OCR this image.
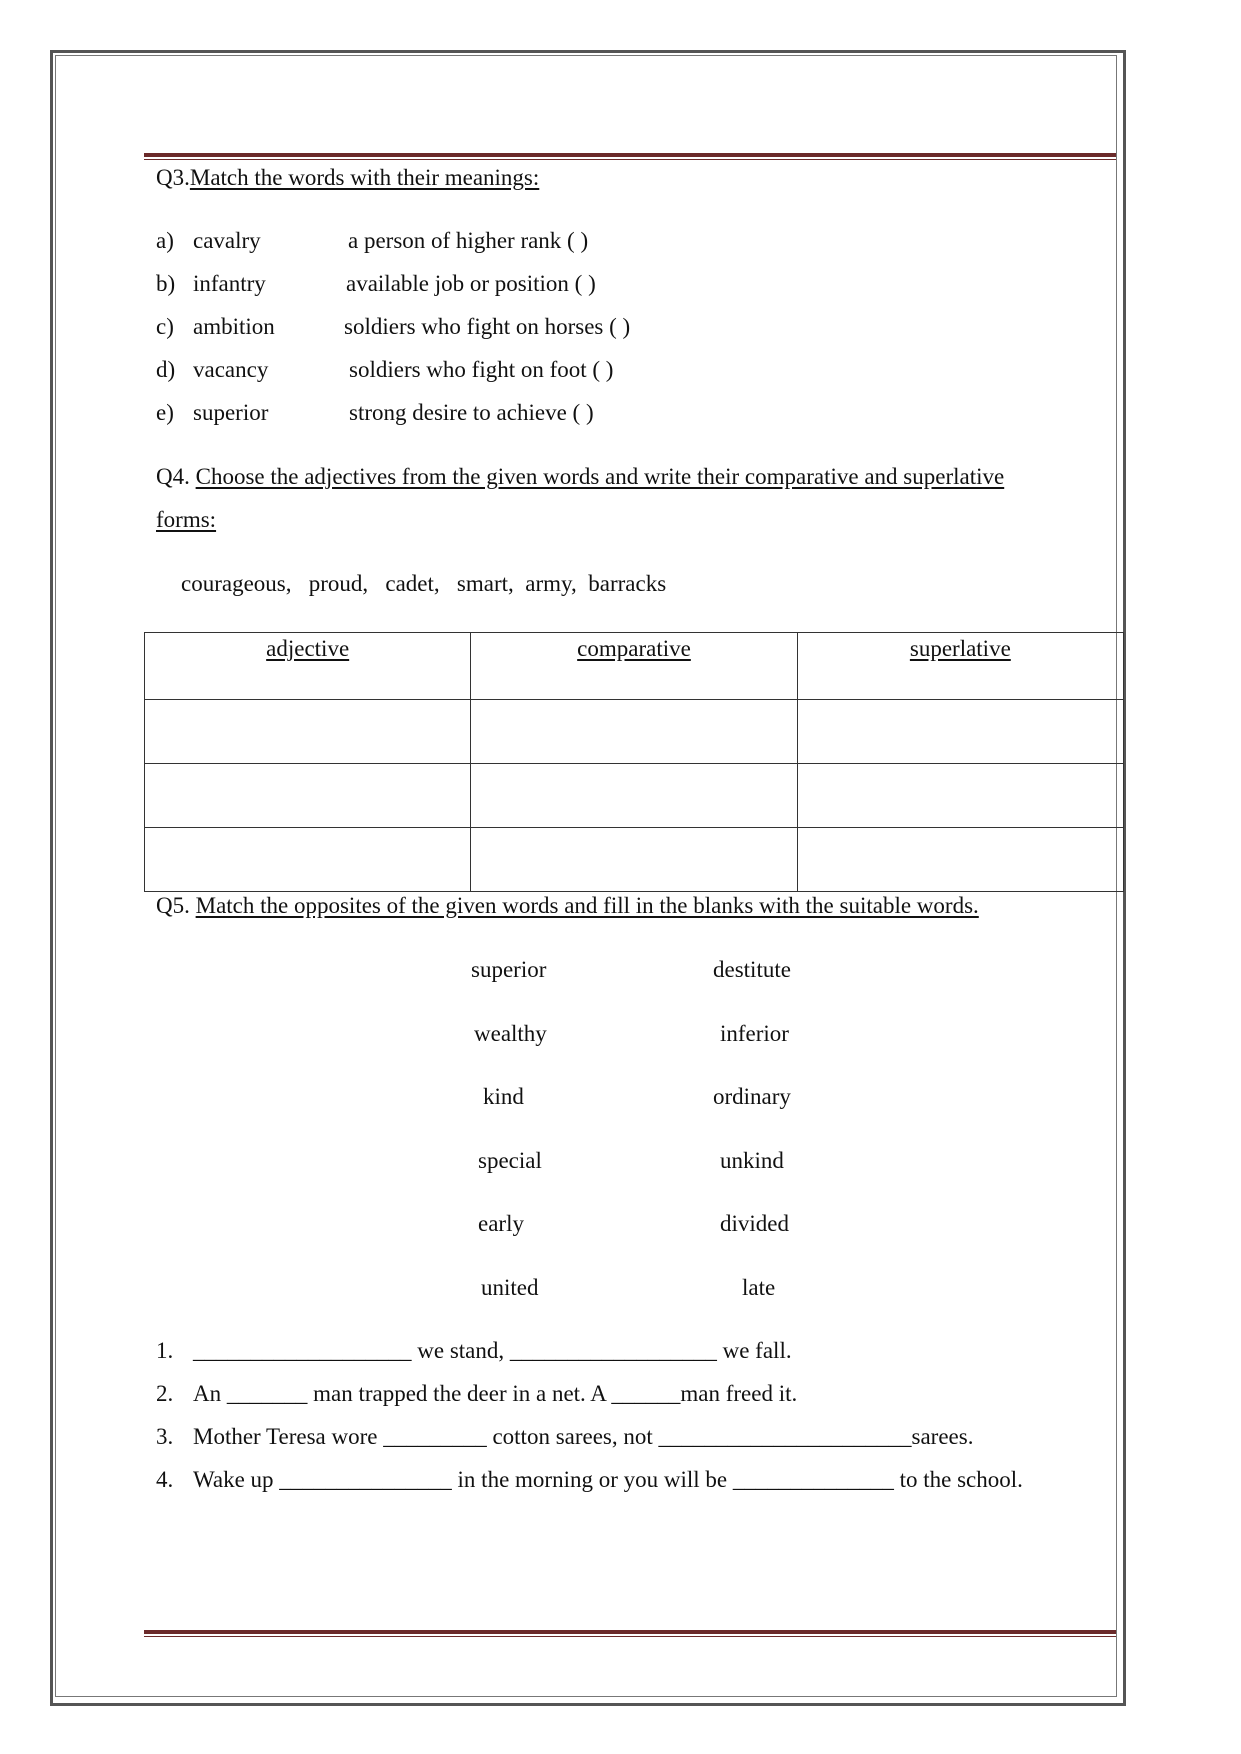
Q3.Match the words with their meanings:
a) cavalry	a person of higher rank ( )
b) infantry	available job or position ( )
c) ambition	soldiers who fight on horses ( )
d) vacancy	soldiers who fight on foot ( )
e) superior	strong desire to achieve ( )
Q4. Choose the adjectives from the given words and write their comparative and superlative
forms:
courageous,   proud,   cadet,   smart,  army,  barracks
adjective	comparative	superlative

Q5. Match the opposites of the given words and fill in the blanks with the suitable words.
superior	destitute
wealthy	inferior
kind	ordinary
special	unkind
early	divided
united	late
1. ___________________ we stand, __________________ we fall.
2. An _______ man trapped the deer in a net. A ______man freed it.
3. Mother Teresa wore _________ cotton sarees, not ______________________sarees.
4. Wake up _______________ in the morning or you will be ______________ to the school.
